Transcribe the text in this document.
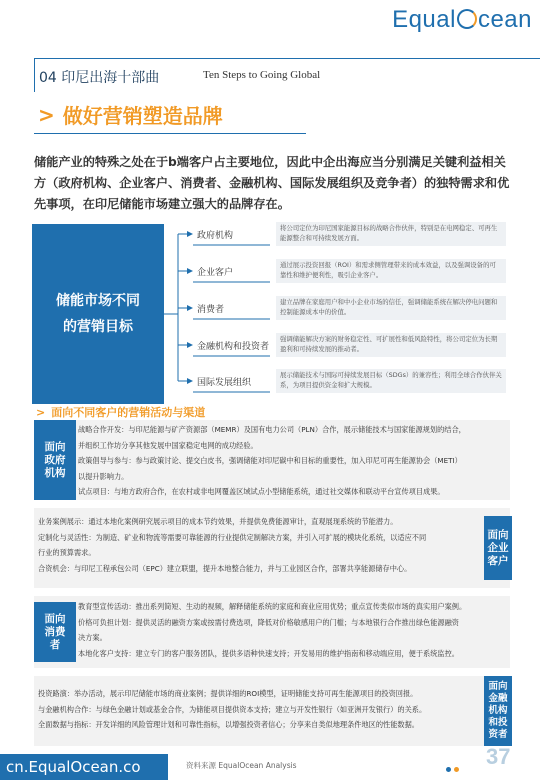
Equal cean
04 印尼出海十部曲	Ten Steps to Going Global
> 做好营销塑造品牌

储能产业的特殊之处在于b端客户占主要地位，因此中企出海应当分别满足关键利益相关方（政府机构、企业客户、消费者、金融机构、国际发展组织及竞争者）的独特需求和优先事项，在印尼储能市场建立强大的品牌存在。

储能市场不同的营销目标
政府机构
将公司定位为印尼国家能源目标的战略合作伙伴，特别是在电网稳定、可再生能源整合和可持续发展方面。
企业客户
通过展示投资回报（ROI）和需求侧管理带来的成本效益，以及强调设备的可靠性和维护便利性，吸引企业客户。
消费者
建立品牌在家庭用户和中小企业市场的信任，强调储能系统在解决停电问题和控制能源成本中的价值。
金融机构和投资者
强调储能解决方案的财务稳定性、可扩展性和低风险特性，将公司定位为长期盈利和可持续发展的推动者。
国际发展组织
展示储能技术与国际可持续发展目标（SDGs）的兼容性；利用全球合作伙伴关系，为项目提供资金和扩大规模。
> 面向不同客户的营销活动与渠道
面向政府机构
战略合作开发：与印尼能源与矿产资源部（MEMR）及国有电力公司（PLN）合作，展示储能技术与国家能源规划的结合，
并组织工作坊分享其他发展中国家稳定电网的成功经验。
政策倡导与参与：参与政策讨论、提交白皮书，强调储能对印尼碳中和目标的重要性，加入印尼可再生能源协会（METI）
以提升影响力。
试点项目：与地方政府合作，在农村或非电网覆盖区域试点小型储能系统，通过社交媒体和联动平台宣传项目成果。
业务案例展示：通过本地化案例研究展示项目的成本节约效果，并提供免费能源审计，直观展现系统的节能潜力。
定制化与灵活性：为制造、矿业和物流等需要可靠能源的行业提供定制解决方案，并引入可扩展的模块化系统，以适应不同
行业的预算需求。
合资机会：与印尼工程承包公司（EPC）建立联盟，提升本地整合能力，并与工业园区合作，部署共享能源储存中心。
面向企业客户
面向消费者
教育型宣传活动：推出系列简短、生动的视频，解释储能系统的家庭和商业应用优势；重点宣传类似市场的真实用户案例。
价格可负担计划：提供灵活的融资方案或按需付费选项，降低对价格敏感用户的门槛；与本地银行合作推出绿色能源融资
决方案。
本地化客户支持：建立专门的客户服务团队，提供多语种快速支持；开发易用的维护指南和移动端应用，便于系统监控。
投资路演：举办活动，展示印尼储能市场的商业案例；提供详细的ROI模型，证明储能支持可再生能源项目的投资回报。
与金融机构合作：与绿色金融计划或基金合作，为储能项目提供资本支持；建立与开发性银行（如亚洲开发银行）的关系。
全面数据与指标：开发详细的风险管理计划和可靠性指标，以增强投资者信心；分享来自类似地理条件地区的性能数据。
面向金融机构和投资者
cn.EqualOcean.co	资料来源 EqualOcean Analysis	37
